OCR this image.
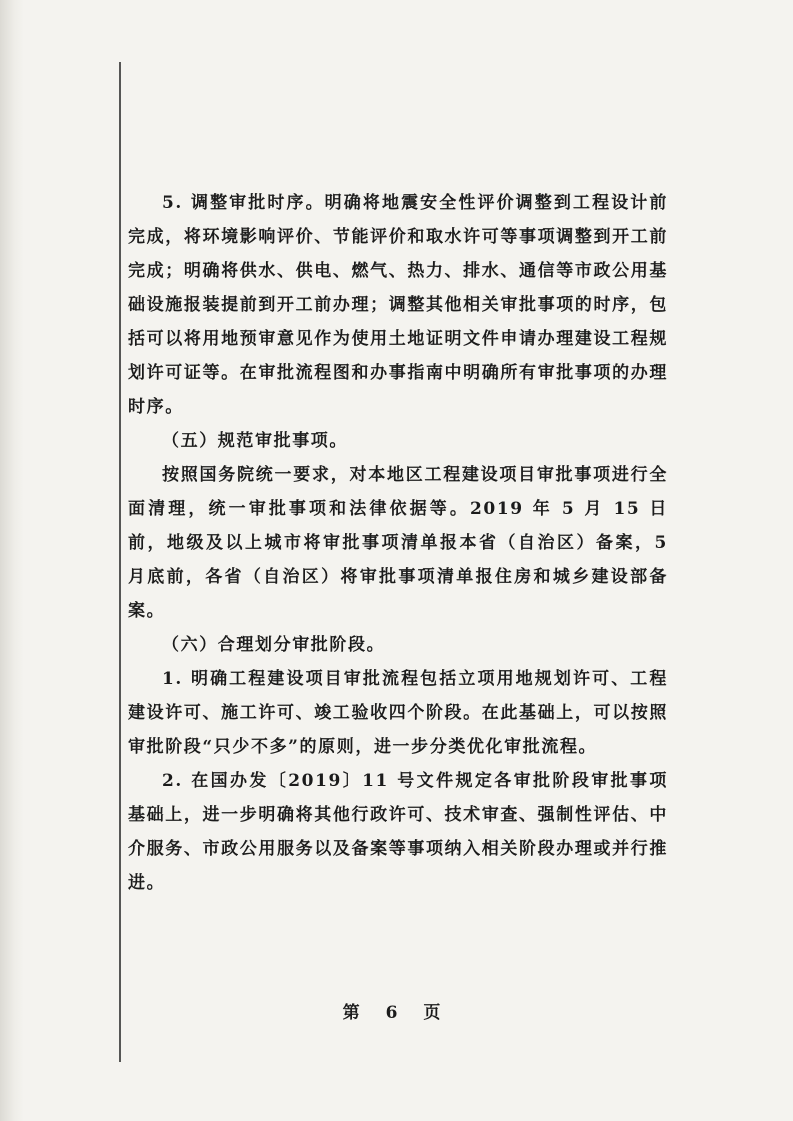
5. 调整审批时序。明确将地震安全性评价调整到工程设计前完成，将环境影响评价、节能评价和取水许可等事项调整到开工前完成；明确将供水、供电、燃气、热力、排水、通信等市政公用基础设施报装提前到开工前办理；调整其他相关审批事项的时序，包括可以将用地预审意见作为使用土地证明文件申请办理建设工程规划许可证等。在审批流程图和办事指南中明确所有审批事项的办理时序。

（五）规范审批事项。

按照国务院统一要求，对本地区工程建设项目审批事项进行全面清理，统一审批事项和法律依据等。2019 年 5 月 15 日前，地级及以上城市将审批事项清单报本省（自治区）备案，5 月底前，各省（自治区）将审批事项清单报住房和城乡建设部备案。

（六）合理划分审批阶段。

1. 明确工程建设项目审批流程包括立项用地规划许可、工程建设许可、施工许可、竣工验收四个阶段。在此基础上，可以按照审批阶段“只少不多”的原则，进一步分类优化审批流程。

2. 在国办发〔2019〕11 号文件规定各审批阶段审批事项基础上，进一步明确将其他行政许可、技术审查、强制性评估、中介服务、市政公用服务以及备案等事项纳入相关阶段办理或并行推进。

第 6 页
